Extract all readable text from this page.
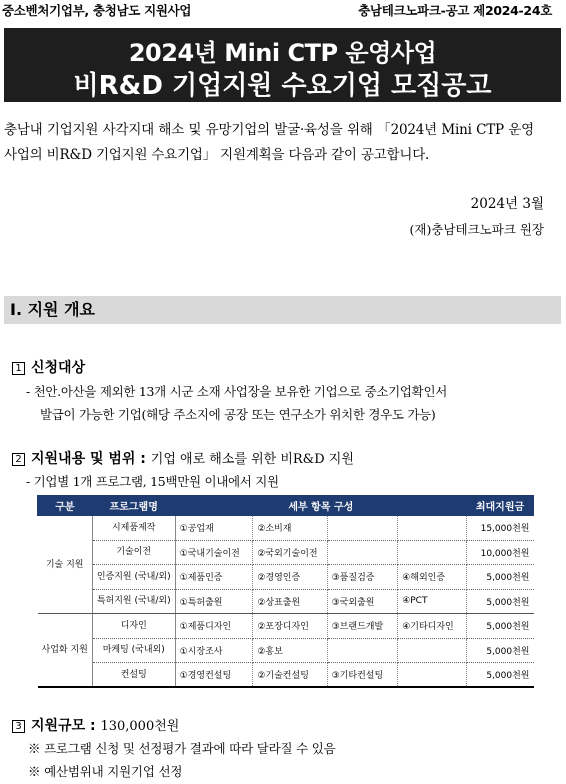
중소벤처기업부, 충청남도 지원사업	충남테크노파크-공고 제2024-24호
2024년 Mini CTP 운영사업
비R&D 기업지원 수요기업 모집공고
충남내 기업지원 사각지대 해소 및 유망기업의 발굴·육성을 위해 「2024년 Mini CTP 운영사업의 비R&D 기업지원 수요기업」 지원계획을 다음과 같이 공고합니다.
2024년 3월
(재)충남테크노파크 원장
Ⅰ. 지원 개요
1 신청대상
- 천안.아산을 제외한 13개 시군 소재 사업장을 보유한 기업으로 중소기업확인서
발급이 가능한 기업(해당 주소지에 공장 또는 연구소가 위치한 경우도 가능)
2 지원내용 및 범위 : 기업 애로 해소를 위한 비R&D 지원
- 기업별 1개 프로그램, 15백만원 이내에서 지원
구분	프로그램명	세부 항목 구성				최대지원금
기술 지원	시제품제작	①공업재	②소비재			15,000천원
	기술이전	①국내기술이전	②국외기술이전			10,000천원
	인증지원 (국내/외)	①제품인증	②경영인증	③품질검증	④해외인증	5,000천원
	특허지원 (국내/외)	①특허출원	②상표출원	③국외출원	④PCT	5,000천원
사업화 지원	디자인	①제품디자인	②포장디자인	③브랜드개발	④기타디자인	5,000천원
	마케팅 (국내외)	①시장조사	②홍보			5,000천원
	컨설팅	①경영컨설팅	②기술컨설팅	③기타컨설팅		5,000천원
3 지원규모 : 130,000천원
※ 프로그램 신청 및 선정평가 결과에 따라 달라질 수 있음
※ 예산범위내 지원기업 선정
